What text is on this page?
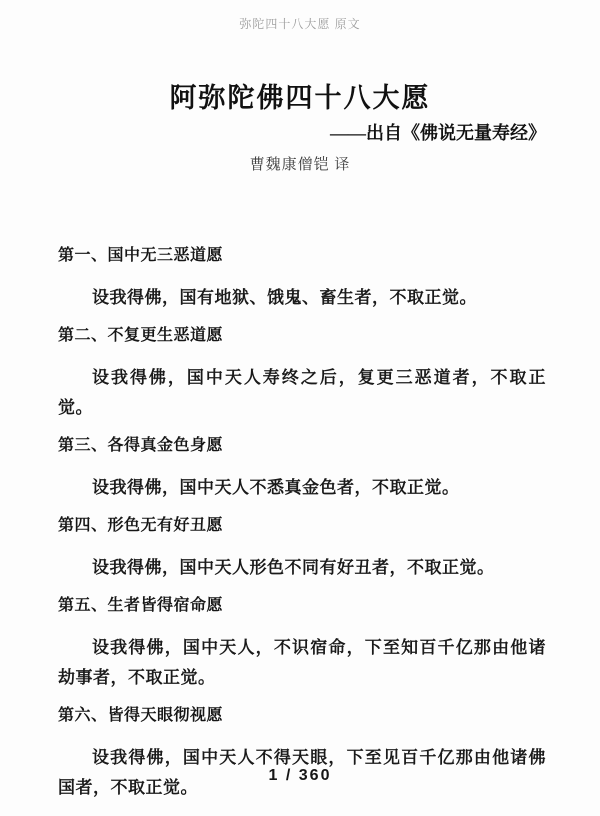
弥陀四十八大愿 原文
阿弥陀佛四十八大愿
——出自《佛说无量寿经》
曹魏康僧铠 译
第一、国中无三恶道愿
设我得佛，国有地狱、饿鬼、畜生者，不取正觉。
第二、不复更生恶道愿
设我得佛，国中天人寿终之后，复更三恶道者，不取正觉。
第三、各得真金色身愿
设我得佛，国中天人不悉真金色者，不取正觉。
第四、形色无有好丑愿
设我得佛，国中天人形色不同有好丑者，不取正觉。
第五、生者皆得宿命愿
设我得佛，国中天人，不识宿命，下至知百千亿那由他诸劫事者，不取正觉。
第六、皆得天眼彻视愿
设我得佛，国中天人不得天眼，下至见百千亿那由他诸佛国者，不取正觉。
1 / 360
